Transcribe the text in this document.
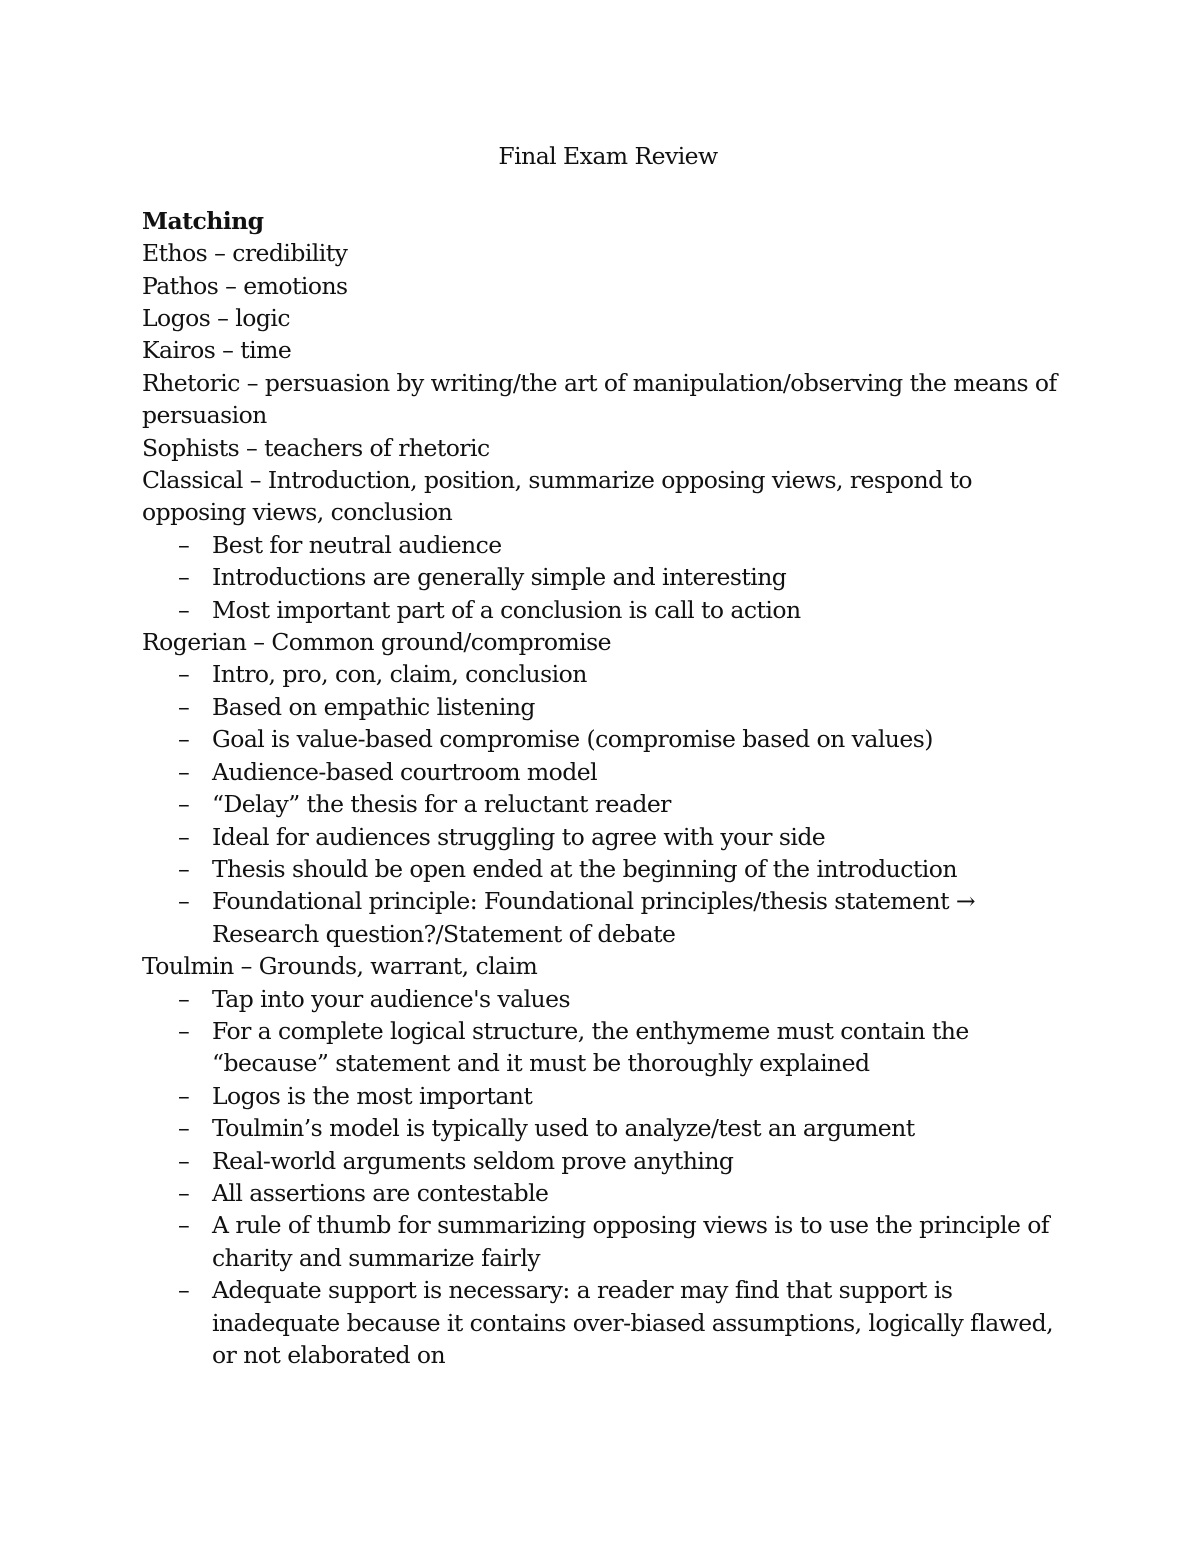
Final Exam Review
Matching
Ethos – credibility
Pathos – emotions
Logos – logic
Kairos – time
Rhetoric – persuasion by writing/the art of manipulation/observing the means of persuasion
Sophists – teachers of rhetoric
Classical – Introduction, position, summarize opposing views, respond to opposing views, conclusion
– Best for neutral audience
– Introductions are generally simple and interesting
– Most important part of a conclusion is call to action
Rogerian – Common ground/compromise
– Intro, pro, con, claim, conclusion
– Based on empathic listening
– Goal is value-based compromise (compromise based on values)
– Audience-based courtroom model
– “Delay” the thesis for a reluctant reader
– Ideal for audiences struggling to agree with your side
– Thesis should be open ended at the beginning of the introduction
– Foundational principle: Foundational principles/thesis statement → Research question?/Statement of debate
Toulmin – Grounds, warrant, claim
– Tap into your audience's values
– For a complete logical structure, the enthymeme must contain the “because” statement and it must be thoroughly explained
– Logos is the most important
– Toulmin’s model is typically used to analyze/test an argument
– Real-world arguments seldom prove anything
– All assertions are contestable
– A rule of thumb for summarizing opposing views is to use the principle of charity and summarize fairly
– Adequate support is necessary: a reader may find that support is inadequate because it contains over-biased assumptions, logically flawed, or not elaborated on
